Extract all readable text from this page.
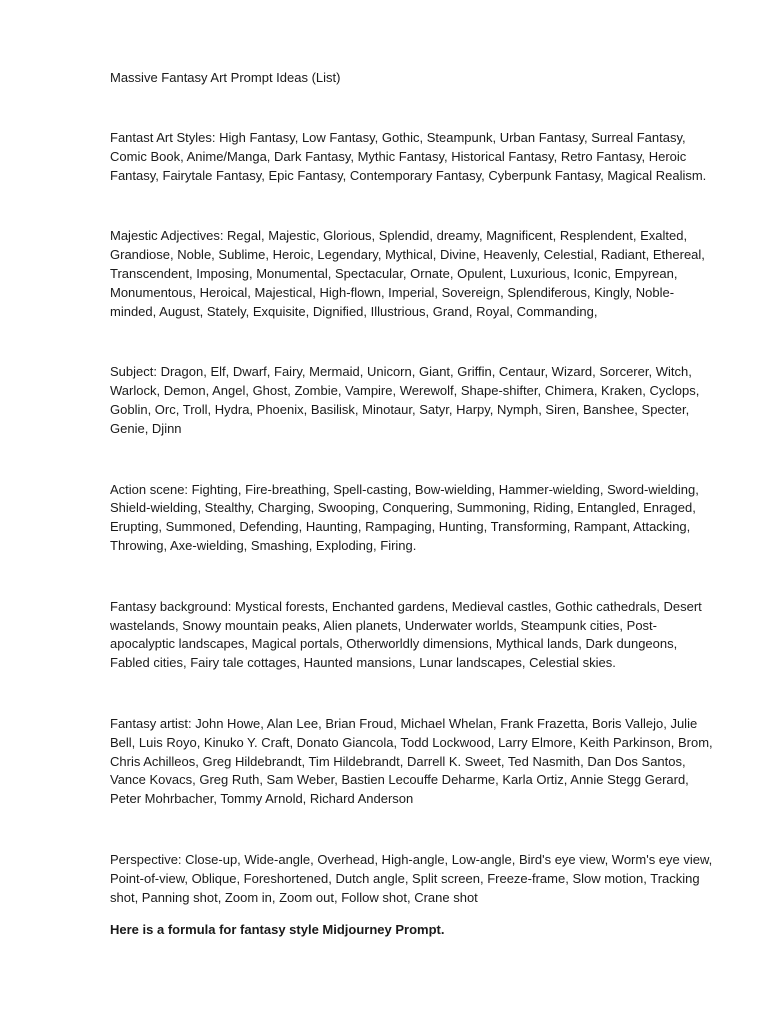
Massive Fantasy Art Prompt Ideas (List)

Fantast Art Styles: High Fantasy, Low Fantasy, Gothic, Steampunk, Urban Fantasy, Surreal Fantasy, Comic Book, Anime/Manga, Dark Fantasy, Mythic Fantasy, Historical Fantasy, Retro Fantasy, Heroic Fantasy, Fairytale Fantasy, Epic Fantasy, Contemporary Fantasy, Cyberpunk Fantasy, Magical Realism.

Majestic Adjectives: Regal, Majestic, Glorious, Splendid, dreamy, Magnificent, Resplendent, Exalted, Grandiose, Noble, Sublime, Heroic, Legendary, Mythical, Divine, Heavenly, Celestial, Radiant, Ethereal, Transcendent, Imposing, Monumental, Spectacular, Ornate, Opulent, Luxurious, Iconic, Empyrean, Monumentous, Heroical, Majestical, High-flown, Imperial, Sovereign, Splendiferous, Kingly, Noble-minded, August, Stately, Exquisite, Dignified, Illustrious, Grand, Royal, Commanding,

Subject: Dragon, Elf, Dwarf, Fairy, Mermaid, Unicorn, Giant, Griffin, Centaur, Wizard, Sorcerer, Witch, Warlock, Demon, Angel, Ghost, Zombie, Vampire, Werewolf, Shape-shifter, Chimera, Kraken, Cyclops, Goblin, Orc, Troll, Hydra, Phoenix, Basilisk, Minotaur, Satyr, Harpy, Nymph, Siren, Banshee, Specter, Genie, Djinn

Action scene: Fighting, Fire-breathing, Spell-casting, Bow-wielding, Hammer-wielding, Sword-wielding, Shield-wielding, Stealthy, Charging, Swooping, Conquering, Summoning, Riding, Entangled, Enraged, Erupting, Summoned, Defending, Haunting, Rampaging, Hunting, Transforming, Rampant, Attacking, Throwing, Axe-wielding, Smashing, Exploding, Firing.

Fantasy background: Mystical forests, Enchanted gardens, Medieval castles, Gothic cathedrals, Desert wastelands, Snowy mountain peaks, Alien planets, Underwater worlds, Steampunk cities, Post-apocalyptic landscapes, Magical portals, Otherworldly dimensions, Mythical lands, Dark dungeons, Fabled cities, Fairy tale cottages, Haunted mansions, Lunar landscapes, Celestial skies.

Fantasy artist: John Howe, Alan Lee, Brian Froud, Michael Whelan, Frank Frazetta, Boris Vallejo, Julie Bell, Luis Royo, Kinuko Y. Craft, Donato Giancola, Todd Lockwood, Larry Elmore, Keith Parkinson, Brom, Chris Achilleos, Greg Hildebrandt, Tim Hildebrandt, Darrell K. Sweet, Ted Nasmith, Dan Dos Santos, Vance Kovacs, Greg Ruth, Sam Weber, Bastien Lecouffe Deharme, Karla Ortiz, Annie Stegg Gerard, Peter Mohrbacher, Tommy Arnold, Richard Anderson

Perspective: Close-up, Wide-angle, Overhead, High-angle, Low-angle, Bird's eye view, Worm's eye view, Point-of-view, Oblique, Foreshortened, Dutch angle, Split screen, Freeze-frame, Slow motion, Tracking shot, Panning shot, Zoom in, Zoom out, Follow shot, Crane shot

Here is a formula for fantasy style Midjourney Prompt.
